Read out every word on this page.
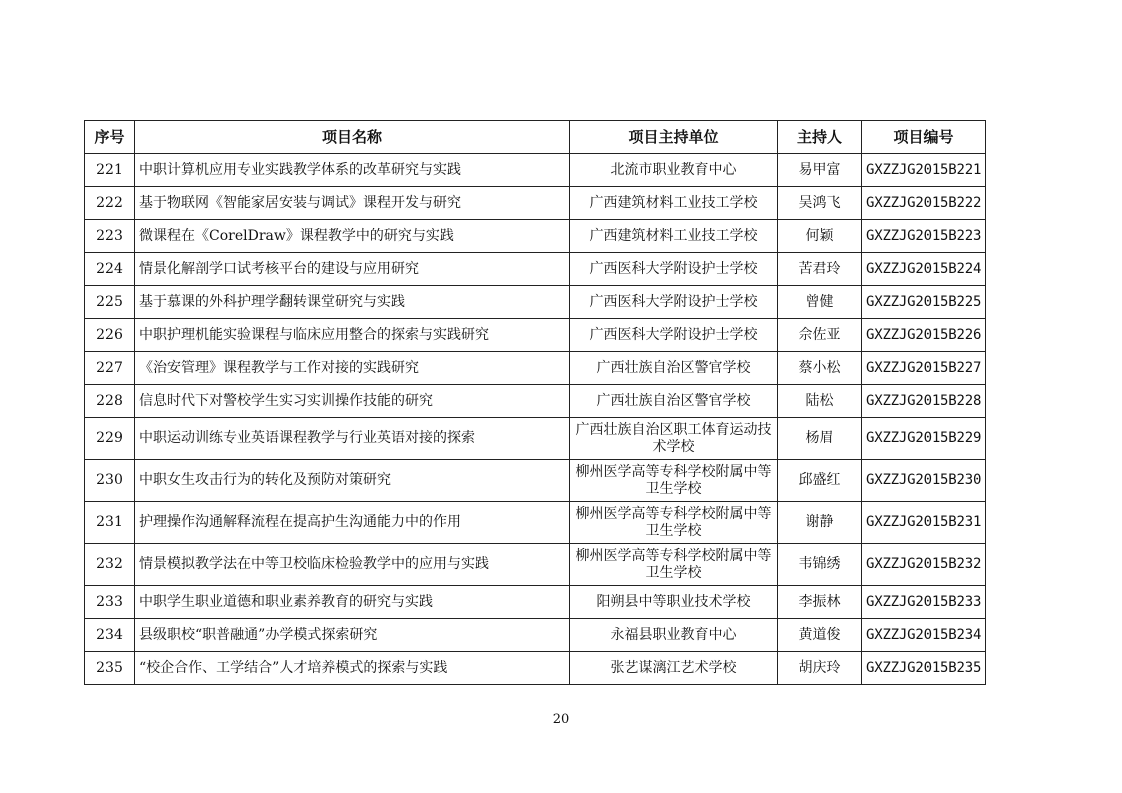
序号	项目名称	项目主持单位	主持人	项目编号
221	中职计算机应用专业实践教学体系的改革研究与实践	北流市职业教育中心	易甲富	GXZZJG2015B221
222	基于物联网《智能家居安装与调试》课程开发与研究	广西建筑材料工业技工学校	吴鸿飞	GXZZJG2015B222
223	微课程在《CorelDraw》课程教学中的研究与实践	广西建筑材料工业技工学校	何颖	GXZZJG2015B223
224	情景化解剖学口试考核平台的建设与应用研究	广西医科大学附设护士学校	苦君玲	GXZZJG2015B224
225	基于慕课的外科护理学翻转课堂研究与实践	广西医科大学附设护士学校	曾健	GXZZJG2015B225
226	中职护理机能实验课程与临床应用整合的探索与实践研究	广西医科大学附设护士学校	佘佐亚	GXZZJG2015B226
227	《治安管理》课程教学与工作对接的实践研究	广西壮族自治区警官学校	蔡小松	GXZZJG2015B227
228	信息时代下对警校学生实习实训操作技能的研究	广西壮族自治区警官学校	陆松	GXZZJG2015B228
229	中职运动训练专业英语课程教学与行业英语对接的探索	广西壮族自治区职工体育运动技术学校	杨眉	GXZZJG2015B229
230	中职女生攻击行为的转化及预防对策研究	柳州医学高等专科学校附属中等卫生学校	邱盛红	GXZZJG2015B230
231	护理操作沟通解释流程在提高护生沟通能力中的作用	柳州医学高等专科学校附属中等卫生学校	谢静	GXZZJG2015B231
232	情景模拟教学法在中等卫校临床检验教学中的应用与实践	柳州医学高等专科学校附属中等卫生学校	韦锦绣	GXZZJG2015B232
233	中职学生职业道德和职业素养教育的研究与实践	阳朔县中等职业技术学校	李振林	GXZZJG2015B233
234	县级职校“职普融通”办学模式探索研究	永福县职业教育中心	黄道俊	GXZZJG2015B234
235	“校企合作、工学结合”人才培养模式的探索与实践	张艺谋漓江艺术学校	胡庆玲	GXZZJG2015B235
20
